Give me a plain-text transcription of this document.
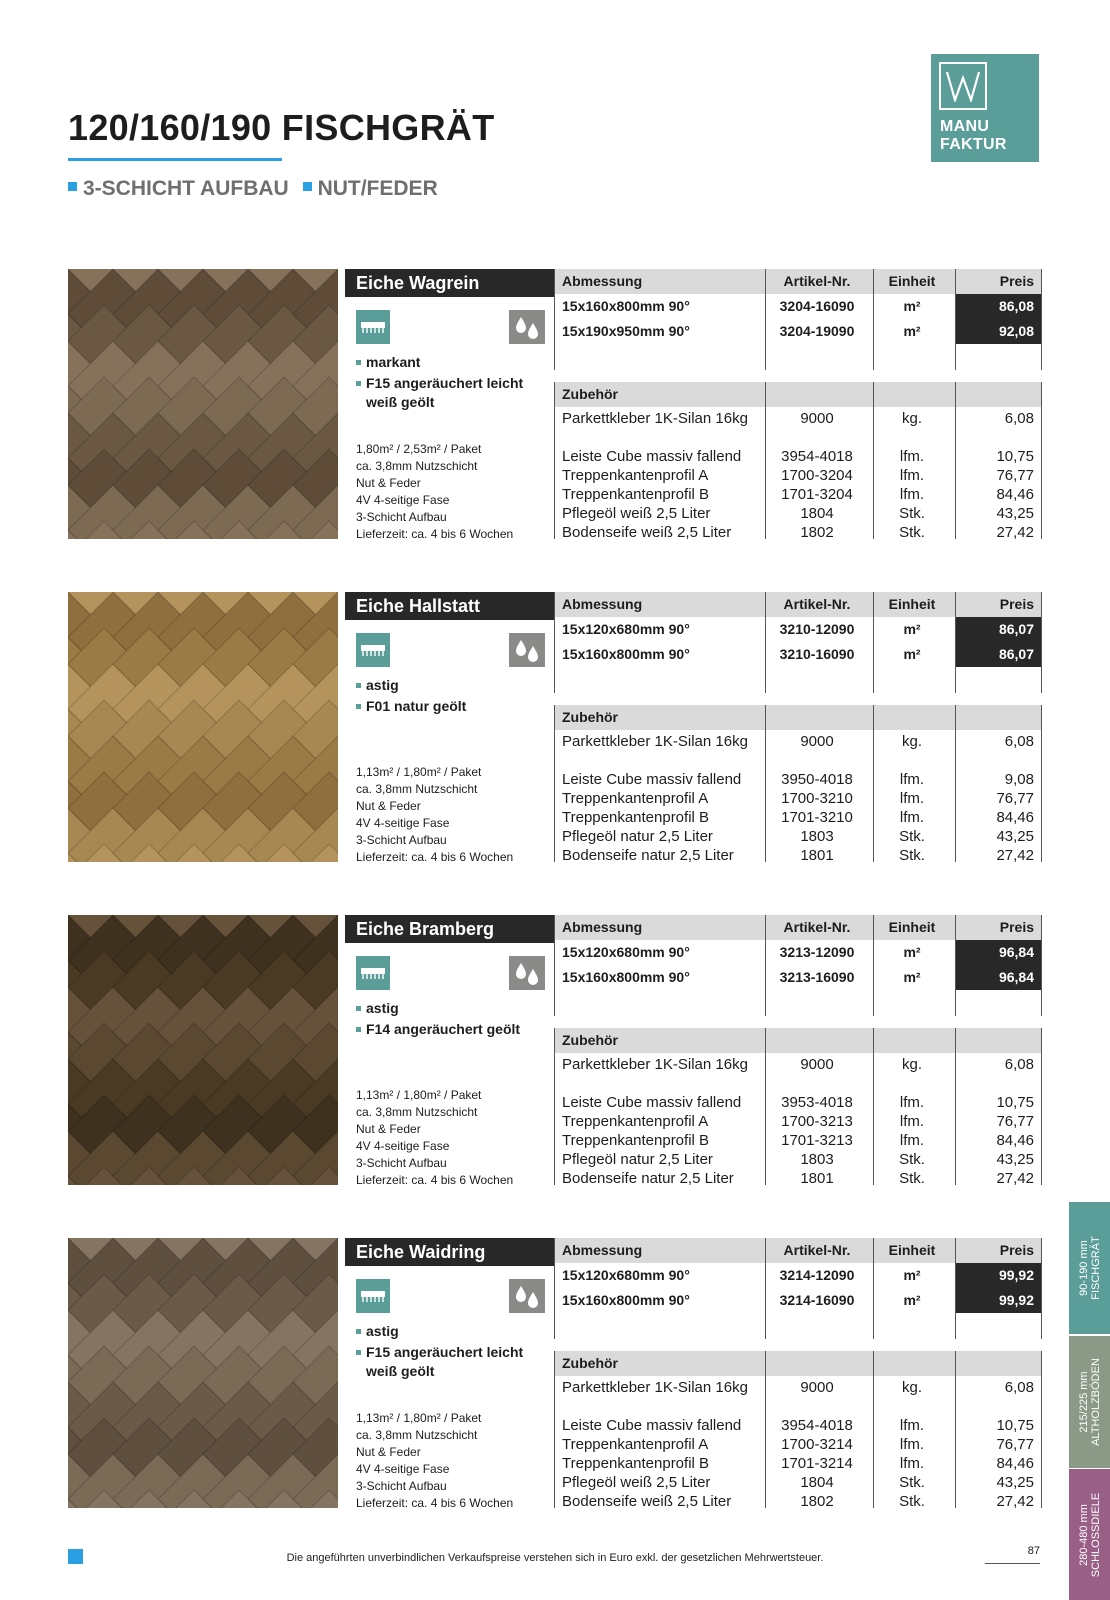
120/160/190 FISCHGRÄT
3-SCHICHT AUFBAU NUT/FEDER
MANU
FAKTUR
Eiche Wagrein
markant
F15 angeräuchert leicht weiß geölt
1,80m² / 2,53m² / Paket
ca. 3,8mm Nutzschicht
Nut & Feder
4V 4-seitige Fase
3-Schicht Aufbau
Lieferzeit: ca. 4 bis 6 Wochen
Abmessung	Artikel-Nr.	Einheit	Preis
15x160x800mm 90°	3204-16090	m²	86,08
15x190x950mm 90°	3204-19090	m²	92,08
Zubehör
Parkettkleber 1K-Silan 16kg	9000	kg.	6,08
Leiste Cube massiv fallend	3954-4018	lfm.	10,75
Treppenkantenprofil A	1700-3204	lfm.	76,77
Treppenkantenprofil B	1701-3204	lfm.	84,46
Pflegeöl weiß 2,5 Liter	1804	Stk.	43,25
Bodenseife weiß 2,5 Liter	1802	Stk.	27,42
Eiche Hallstatt
astig
F01 natur geölt
1,13m² / 1,80m² / Paket
ca. 3,8mm Nutzschicht
Nut & Feder
4V 4-seitige Fase
3-Schicht Aufbau
Lieferzeit: ca. 4 bis 6 Wochen
Abmessung	Artikel-Nr.	Einheit	Preis
15x120x680mm 90°	3210-12090	m²	86,07
15x160x800mm 90°	3210-16090	m²	86,07
Zubehör
Parkettkleber 1K-Silan 16kg	9000	kg.	6,08
Leiste Cube massiv fallend	3950-4018	lfm.	9,08
Treppenkantenprofil A	1700-3210	lfm.	76,77
Treppenkantenprofil B	1701-3210	lfm.	84,46
Pflegeöl natur 2,5 Liter	1803	Stk.	43,25
Bodenseife natur 2,5 Liter	1801	Stk.	27,42
Eiche Bramberg
astig
F14 angeräuchert geölt
1,13m² / 1,80m² / Paket
ca. 3,8mm Nutzschicht
Nut & Feder
4V 4-seitige Fase
3-Schicht Aufbau
Lieferzeit: ca. 4 bis 6 Wochen
Abmessung	Artikel-Nr.	Einheit	Preis
15x120x680mm 90°	3213-12090	m²	96,84
15x160x800mm 90°	3213-16090	m²	96,84
Zubehör
Parkettkleber 1K-Silan 16kg	9000	kg.	6,08
Leiste Cube massiv fallend	3953-4018	lfm.	10,75
Treppenkantenprofil A	1700-3213	lfm.	76,77
Treppenkantenprofil B	1701-3213	lfm.	84,46
Pflegeöl natur 2,5 Liter	1803	Stk.	43,25
Bodenseife natur 2,5 Liter	1801	Stk.	27,42
Eiche Waidring
astig
F15 angeräuchert leicht weiß geölt
1,13m² / 1,80m² / Paket
ca. 3,8mm Nutzschicht
Nut & Feder
4V 4-seitige Fase
3-Schicht Aufbau
Lieferzeit: ca. 4 bis 6 Wochen
Abmessung	Artikel-Nr.	Einheit	Preis
15x120x680mm 90°	3214-12090	m²	99,92
15x160x800mm 90°	3214-16090	m²	99,92
Zubehör
Parkettkleber 1K-Silan 16kg	9000	kg.	6,08
Leiste Cube massiv fallend	3954-4018	lfm.	10,75
Treppenkantenprofil A	1700-3214	lfm.	76,77
Treppenkantenprofil B	1701-3214	lfm.	84,46
Pflegeöl weiß 2,5 Liter	1804	Stk.	43,25
Bodenseife weiß 2,5 Liter	1802	Stk.	27,42
Die angeführten unverbindlichen Verkaufspreise verstehen sich in Euro exkl. der gesetzlichen Mehrwertsteuer.
87
90-190 mm FISCHGRÄT
215/225 mm ALTHOLZBÖDEN
280-480 mm SCHLOSSDIELE
